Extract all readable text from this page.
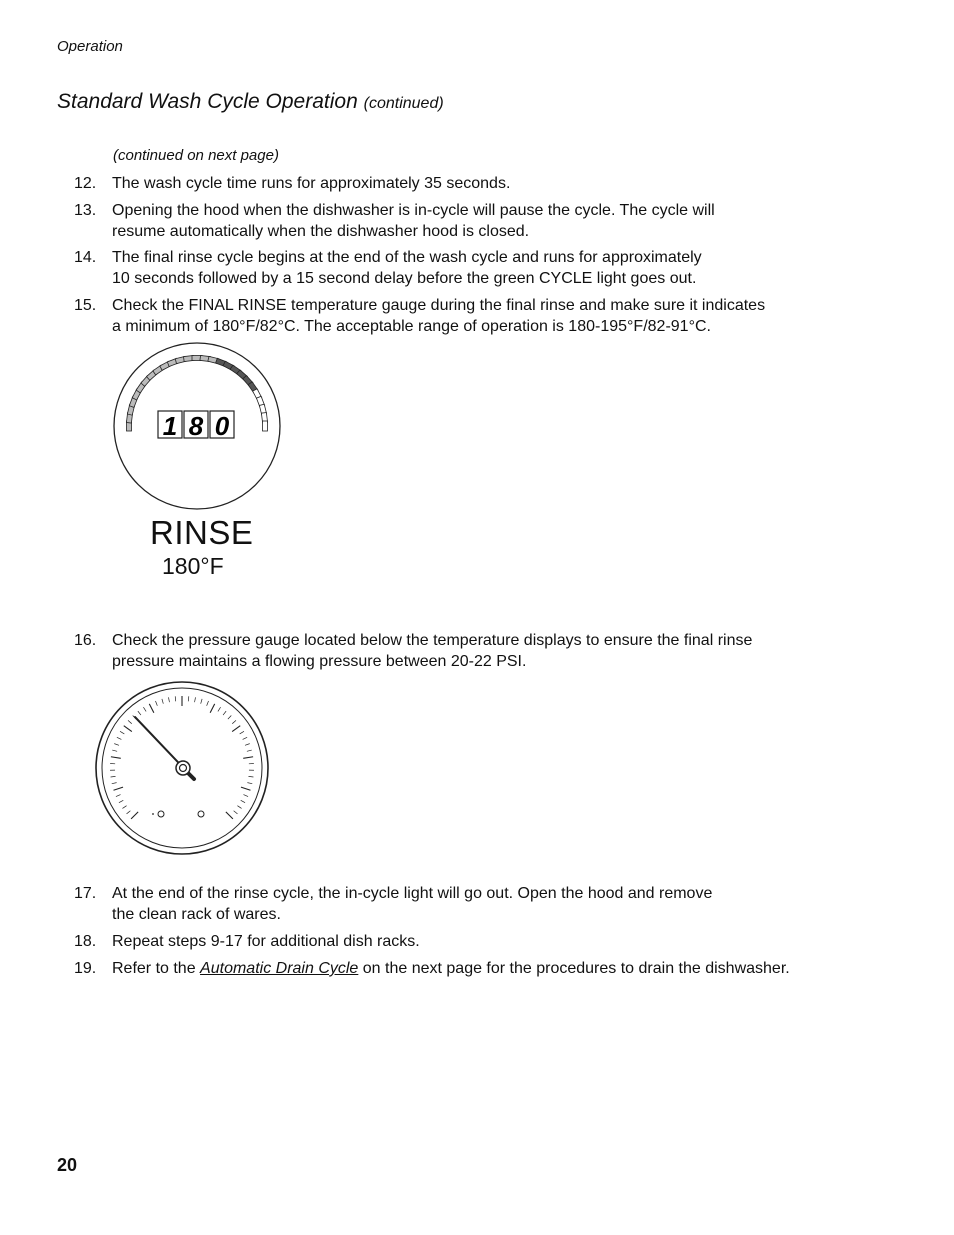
Operation
Standard Wash Cycle Operation (continued)
(continued on next page)
12. The wash cycle time runs for approximately 35 seconds.
13. Opening the hood when the dishwasher is in-cycle will pause the cycle. The cycle will
resume automatically when the dishwasher hood is closed.
14. The final rinse cycle begins at the end of the wash cycle and runs for approximately
10 seconds followed by a 15 second delay before the green CYCLE light goes out.
15. Check the FINAL RINSE temperature gauge during the final rinse and make sure it indicates
a minimum of 180°F/82°C. The acceptable range of operation is 180-195°F/82-91°C.
1 8 0
RINSE
180°F
16. Check the pressure gauge located below the temperature displays to ensure the final rinse
pressure maintains a flowing pressure between 20-22 PSI.
17. At the end of the rinse cycle, the in-cycle light will go out. Open the hood and remove
the clean rack of wares.
18. Repeat steps 9-17 for additional dish racks.
19. Refer to the Automatic Drain Cycle on the next page for the procedures to drain the dishwasher.
20
